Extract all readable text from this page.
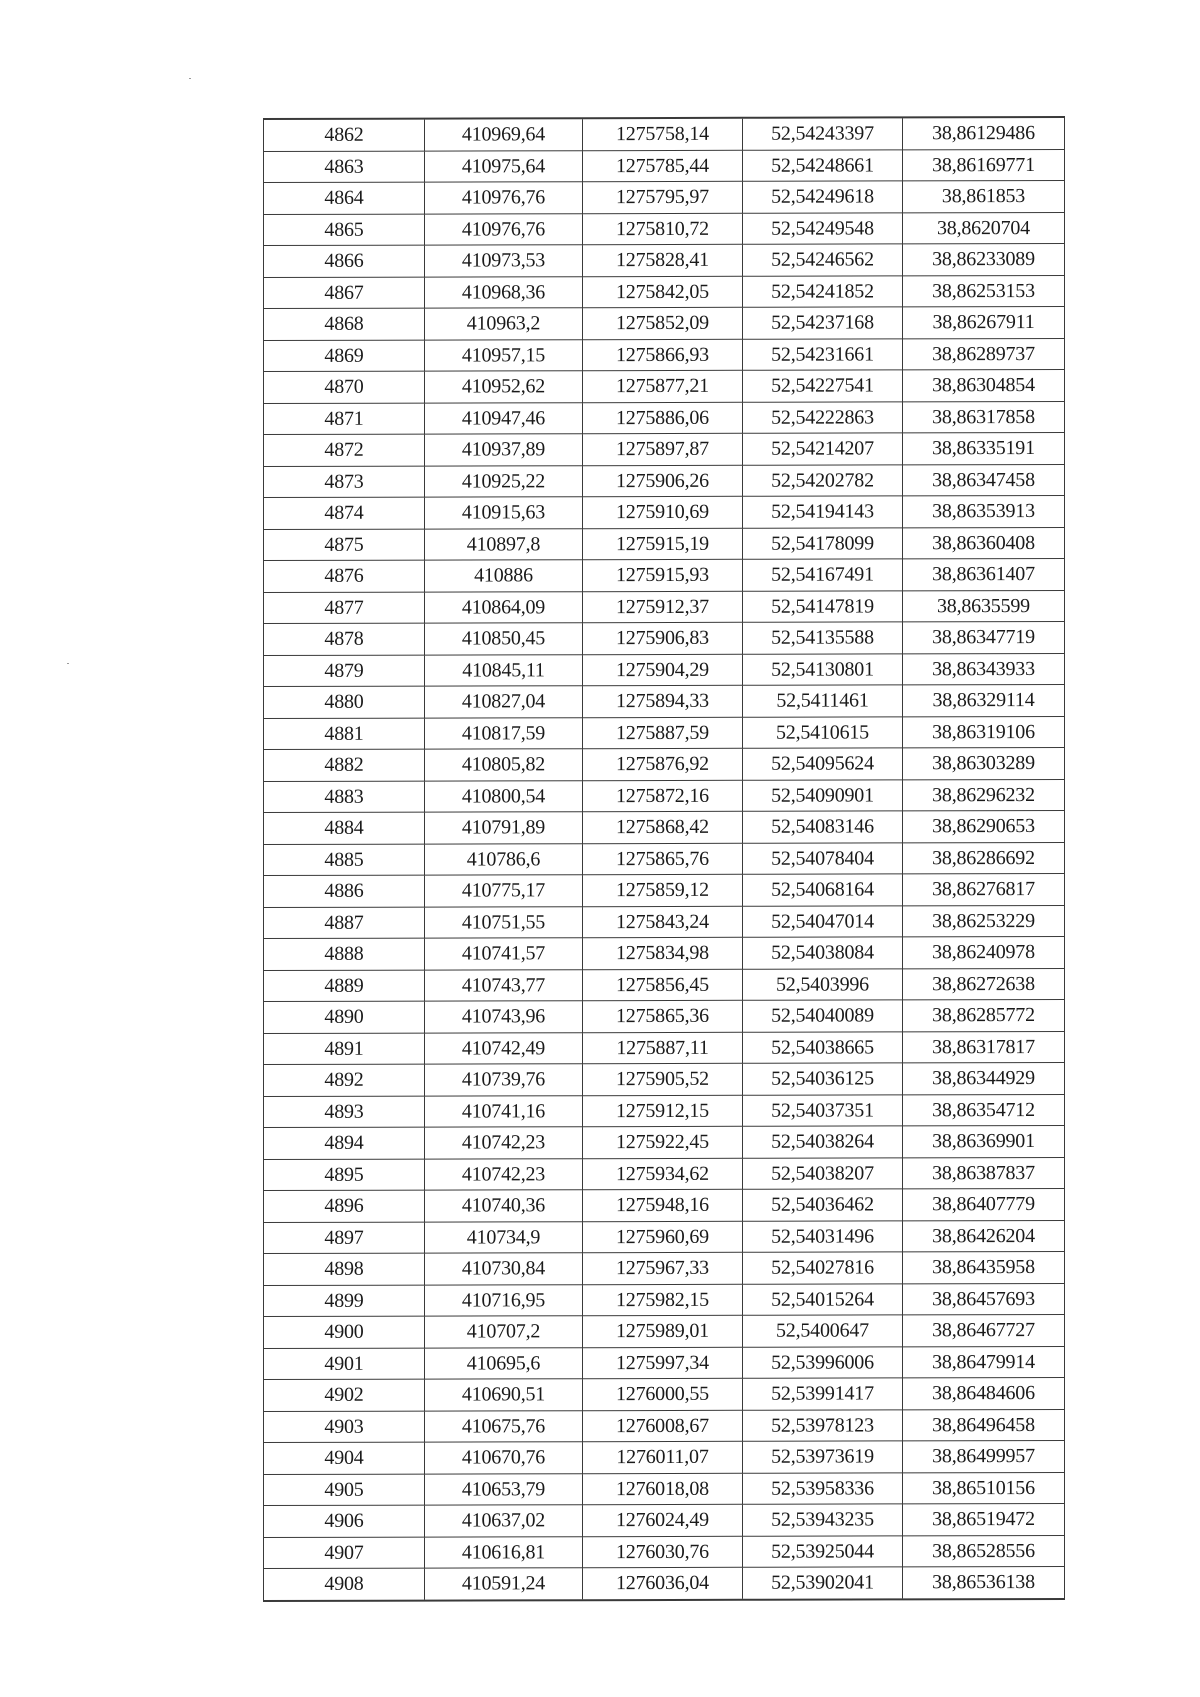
4862	410969,64	1275758,14	52,54243397	38,86129486
4863	410975,64	1275785,44	52,54248661	38,86169771
4864	410976,76	1275795,97	52,54249618	38,861853
4865	410976,76	1275810,72	52,54249548	38,8620704
4866	410973,53	1275828,41	52,54246562	38,86233089
4867	410968,36	1275842,05	52,54241852	38,86253153
4868	410963,2	1275852,09	52,54237168	38,86267911
4869	410957,15	1275866,93	52,54231661	38,86289737
4870	410952,62	1275877,21	52,54227541	38,86304854
4871	410947,46	1275886,06	52,54222863	38,86317858
4872	410937,89	1275897,87	52,54214207	38,86335191
4873	410925,22	1275906,26	52,54202782	38,86347458
4874	410915,63	1275910,69	52,54194143	38,86353913
4875	410897,8	1275915,19	52,54178099	38,86360408
4876	410886	1275915,93	52,54167491	38,86361407
4877	410864,09	1275912,37	52,54147819	38,8635599
4878	410850,45	1275906,83	52,54135588	38,86347719
4879	410845,11	1275904,29	52,54130801	38,86343933
4880	410827,04	1275894,33	52,5411461	38,86329114
4881	410817,59	1275887,59	52,5410615	38,86319106
4882	410805,82	1275876,92	52,54095624	38,86303289
4883	410800,54	1275872,16	52,54090901	38,86296232
4884	410791,89	1275868,42	52,54083146	38,86290653
4885	410786,6	1275865,76	52,54078404	38,86286692
4886	410775,17	1275859,12	52,54068164	38,86276817
4887	410751,55	1275843,24	52,54047014	38,86253229
4888	410741,57	1275834,98	52,54038084	38,86240978
4889	410743,77	1275856,45	52,5403996	38,86272638
4890	410743,96	1275865,36	52,54040089	38,86285772
4891	410742,49	1275887,11	52,54038665	38,86317817
4892	410739,76	1275905,52	52,54036125	38,86344929
4893	410741,16	1275912,15	52,54037351	38,86354712
4894	410742,23	1275922,45	52,54038264	38,86369901
4895	410742,23	1275934,62	52,54038207	38,86387837
4896	410740,36	1275948,16	52,54036462	38,86407779
4897	410734,9	1275960,69	52,54031496	38,86426204
4898	410730,84	1275967,33	52,54027816	38,86435958
4899	410716,95	1275982,15	52,54015264	38,86457693
4900	410707,2	1275989,01	52,5400647	38,86467727
4901	410695,6	1275997,34	52,53996006	38,86479914
4902	410690,51	1276000,55	52,53991417	38,86484606
4903	410675,76	1276008,67	52,53978123	38,86496458
4904	410670,76	1276011,07	52,53973619	38,86499957
4905	410653,79	1276018,08	52,53958336	38,86510156
4906	410637,02	1276024,49	52,53943235	38,86519472
4907	410616,81	1276030,76	52,53925044	38,86528556
4908	410591,24	1276036,04	52,53902041	38,86536138
